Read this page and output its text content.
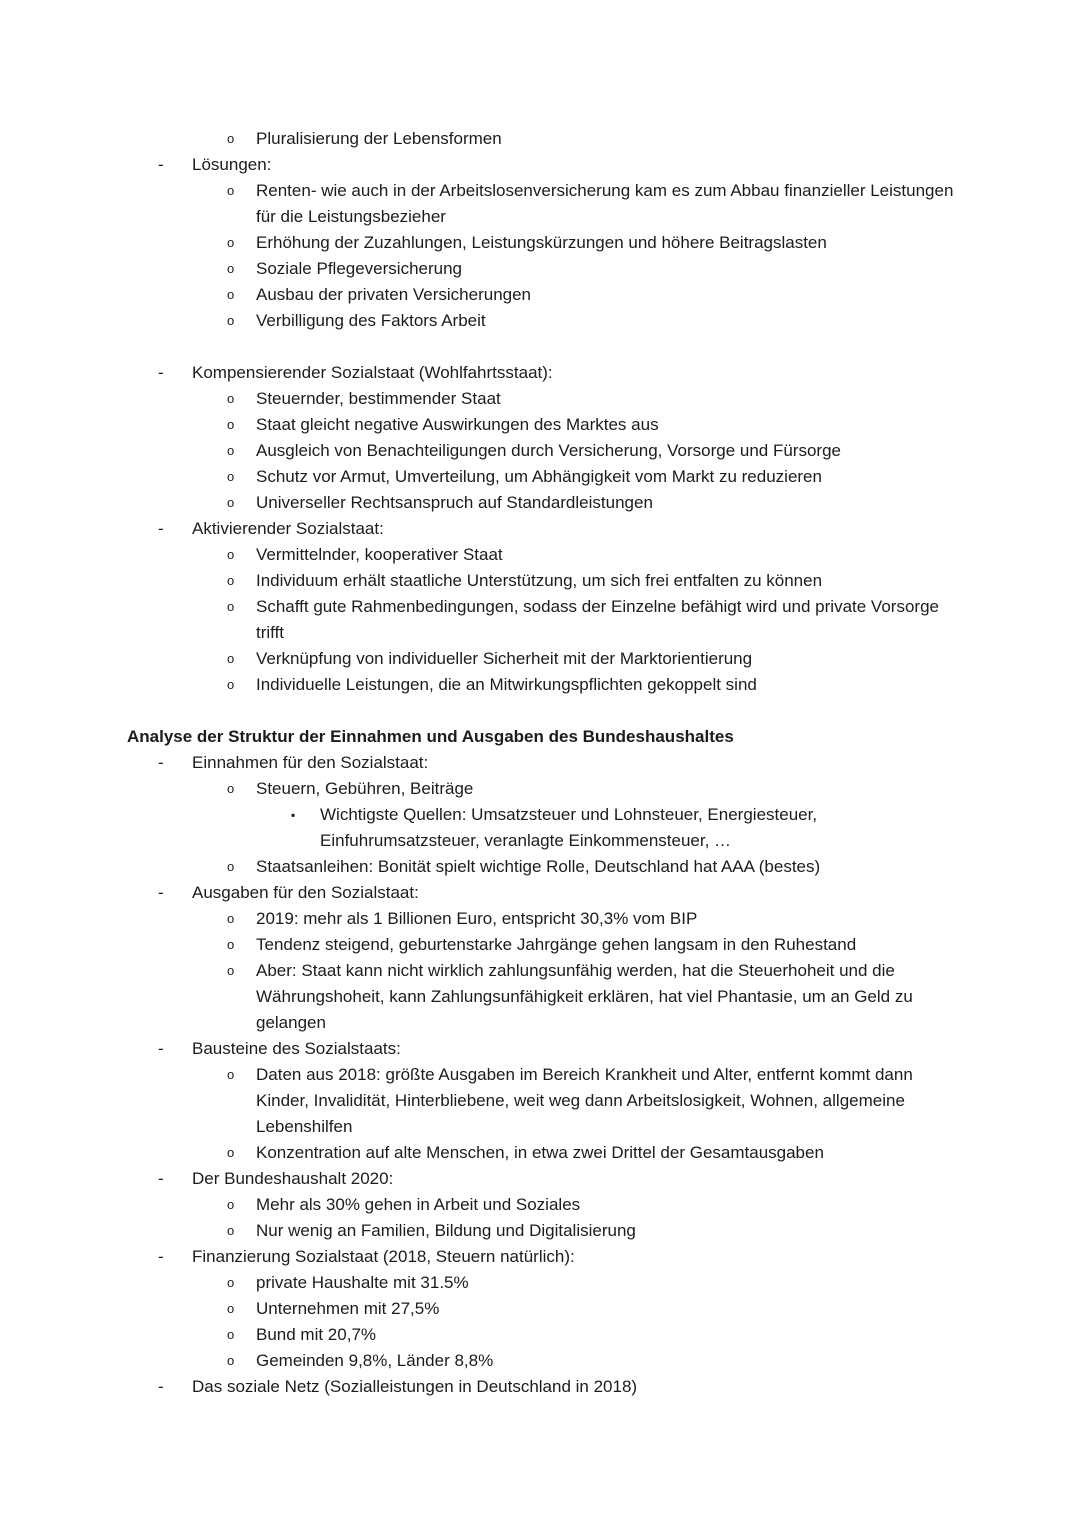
o Pluralisierung der Lebensformen
- Lösungen:
o Renten- wie auch in der Arbeitslosenversicherung kam es zum Abbau finanzieller Leistungen für die Leistungsbezieher
o Erhöhung der Zuzahlungen, Leistungskürzungen und höhere Beitragslasten
o Soziale Pflegeversicherung
o Ausbau der privaten Versicherungen
o Verbilligung des Faktors Arbeit

- Kompensierender Sozialstaat (Wohlfahrtsstaat):
o Steuernder, bestimmender Staat
o Staat gleicht negative Auswirkungen des Marktes aus
o Ausgleich von Benachteiligungen durch Versicherung, Vorsorge und Fürsorge
o Schutz vor Armut, Umverteilung, um Abhängigkeit vom Markt zu reduzieren
o Universeller Rechtsanspruch auf Standardleistungen
- Aktivierender Sozialstaat:
o Vermittelnder, kooperativer Staat
o Individuum erhält staatliche Unterstützung, um sich frei entfalten zu können
o Schafft gute Rahmenbedingungen, sodass der Einzelne befähigt wird und private Vorsorge trifft
o Verknüpfung von individueller Sicherheit mit der Marktorientierung
o Individuelle Leistungen, die an Mitwirkungspflichten gekoppelt sind

Analyse der Struktur der Einnahmen und Ausgaben des Bundeshaushaltes
- Einnahmen für den Sozialstaat:
o Steuern, Gebühren, Beiträge
▪ Wichtigste Quellen: Umsatzsteuer und Lohnsteuer, Energiesteuer, Einfuhrumsatzsteuer, veranlagte Einkommensteuer, …
o Staatsanleihen: Bonität spielt wichtige Rolle, Deutschland hat AAA (bestes)
- Ausgaben für den Sozialstaat:
o 2019: mehr als 1 Billionen Euro, entspricht 30,3% vom BIP
o Tendenz steigend, geburtenstarke Jahrgänge gehen langsam in den Ruhestand
o Aber: Staat kann nicht wirklich zahlungsunfähig werden, hat die Steuerhoheit und die Währungshoheit, kann Zahlungsunfähigkeit erklären, hat viel Phantasie, um an Geld zu gelangen
- Bausteine des Sozialstaats:
o Daten aus 2018: größte Ausgaben im Bereich Krankheit und Alter, entfernt kommt dann Kinder, Invalidität, Hinterbliebene, weit weg dann Arbeitslosigkeit, Wohnen, allgemeine Lebenshilfen
o Konzentration auf alte Menschen, in etwa zwei Drittel der Gesamtausgaben
- Der Bundeshaushalt 2020:
o Mehr als 30% gehen in Arbeit und Soziales
o Nur wenig an Familien, Bildung und Digitalisierung
- Finanzierung Sozialstaat (2018, Steuern natürlich):
o private Haushalte mit 31.5%
o Unternehmen mit 27,5%
o Bund mit 20,7%
o Gemeinden 9,8%, Länder 8,8%
- Das soziale Netz (Sozialleistungen in Deutschland in 2018)
